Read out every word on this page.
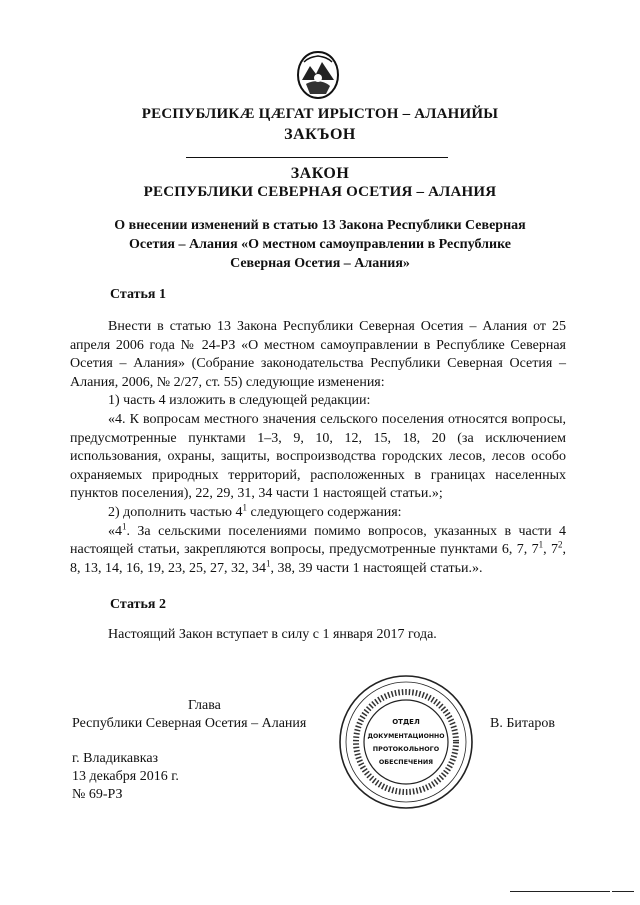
РЕСПУБЛИКÆ ЦÆГАТ ИРЫСТОН – АЛАНИЙЫ
ЗАКЪОН
ЗАКОН
РЕСПУБЛИКИ СЕВЕРНАЯ ОСЕТИЯ – АЛАНИЯ
О внесении изменений в статью 13 Закона Республики Северная
Осетия – Алания «О местном самоуправлении в Республике
Северная Осетия – Алания»
Статья 1

Внести в статью 13 Закона Республики Северная Осетия – Алания от 25 апреля 2006 года № 24-РЗ «О местном самоуправлении в Республике Северная Осетия – Алания» (Собрание законодательства Республики Северная Осетия – Алания, 2006, № 2/27, ст. 55) следующие изменения:

1) часть 4 изложить в следующей редакции:

«4. К вопросам местного значения сельского поселения относятся вопросы, предусмотренные пунктами 1–3, 9, 10, 12, 15, 18, 20 (за исключением использования, охраны, защиты, воспроизводства городских лесов, лесов особо охраняемых природных территорий, расположенных в границах населенных пунктов поселения), 22, 29, 31, 34 части 1 настоящей статьи.»;

2) дополнить частью $4^1$ следующего содержания:

«$4^1$. За сельскими поселениями помимо вопросов, указанных в части 4 настоящей статьи, закрепляются вопросы, предусмотренные пунктами 6, 7, $7^1$, $7^2$, 8, 13, 14, 16, 19, 23, 25, 27, 32, $34^1$, 38, 39 части 1 настоящей статьи.».

Статья 2

Настоящий Закон вступает в силу с 1 января 2017 года.

Глава
Республики Северная Осетия – Алания	В. Битаров
ОТДЕЛ
ДОКУМЕНТАЦИОННО
ПРОТОКОЛЬНОГО
ОБЕСПЕЧЕНИЯ
г. Владикавказ
13 декабря 2016 г.
№ 69-РЗ
